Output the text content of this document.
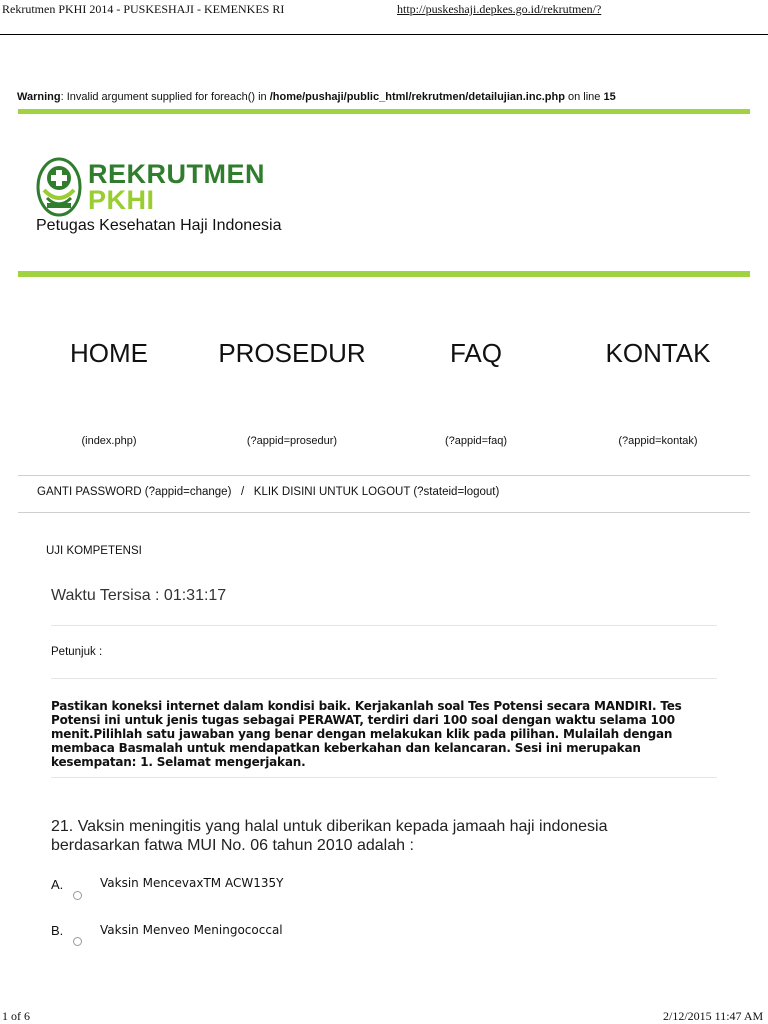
Rekrutmen PKHI 2014 - PUSKESHAJI - KEMENKES RI	http://puskeshaji.depkes.go.id/rekrutmen/?
Warning: Invalid argument supplied for foreach() in /home/pushaji/public_html/rekrutmen/detailujian.inc.php on line 15
REKRUTMEN
PKHI
Petugas Kesehatan Haji Indonesia
HOME	PROSEDUR	FAQ	KONTAK
(index.php)	(?appid=prosedur)	(?appid=faq)	(?appid=kontak)
GANTI PASSWORD (?appid=change) / KLIK DISINI UNTUK LOGOUT (?stateid=logout)
UJI KOMPETENSI
Waktu Tersisa : 01:31:17
Petunjuk :
Pastikan koneksi internet dalam kondisi baik. Kerjakanlah soal Tes Potensi secara MANDIRI. Tes Potensi ini untuk jenis tugas sebagai PERAWAT, terdiri dari 100 soal dengan waktu selama 100 menit.Pilihlah satu jawaban yang benar dengan melakukan klik pada pilihan. Mulailah dengan membaca Basmalah untuk mendapatkan keberkahan dan kelancaran. Sesi ini merupakan kesempatan: 1. Selamat mengerjakan.
21. Vaksin meningitis yang halal untuk diberikan kepada jamaah haji indonesia berdasarkan fatwa MUI No. 06 tahun 2010 adalah :
A.	Vaksin MencevaxTM ACW135Y
B.	Vaksin Menveo Meningococcal
1 of 6	2/12/2015 11:47 AM
